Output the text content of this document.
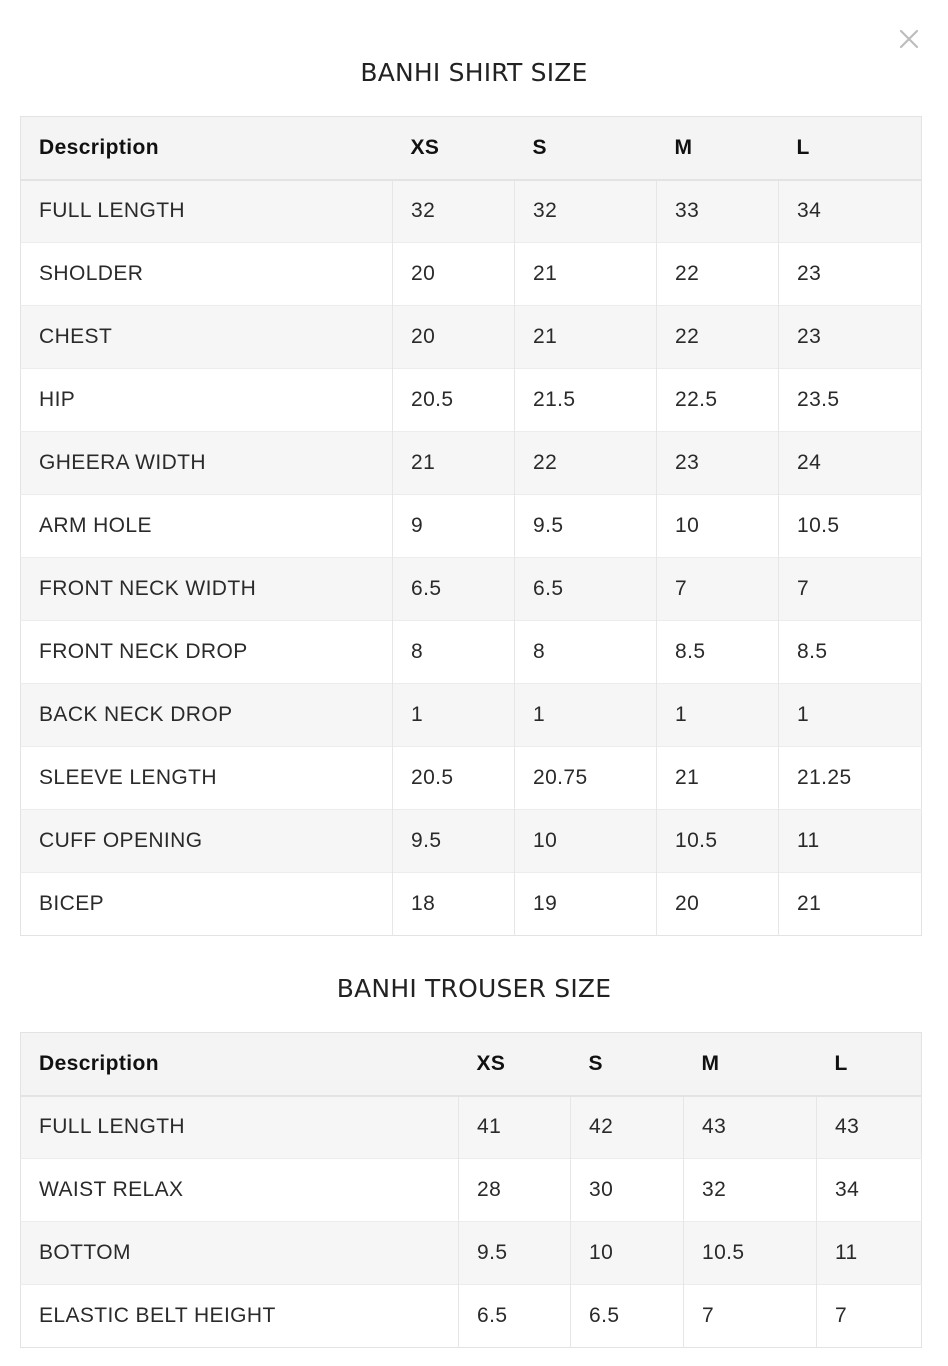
BANHI SHIRT SIZE
Description	XS	S	M	L
FULL LENGTH	32	32	33	34
SHOLDER	20	21	22	23
CHEST	20	21	22	23
HIP	20.5	21.5	22.5	23.5
GHEERA WIDTH	21	22	23	24
ARM HOLE	9	9.5	10	10.5
FRONT NECK WIDTH	6.5	6.5	7	7
FRONT NECK DROP	8	8	8.5	8.5
BACK NECK DROP	1	1	1	1
SLEEVE LENGTH	20.5	20.75	21	21.25
CUFF OPENING	9.5	10	10.5	11
BICEP	18	19	20	21
BANHI TROUSER SIZE
Description	XS	S	M	L
FULL LENGTH	41	42	43	43
WAIST RELAX	28	30	32	34
BOTTOM	9.5	10	10.5	11
ELASTIC BELT HEIGHT	6.5	6.5	7	7
